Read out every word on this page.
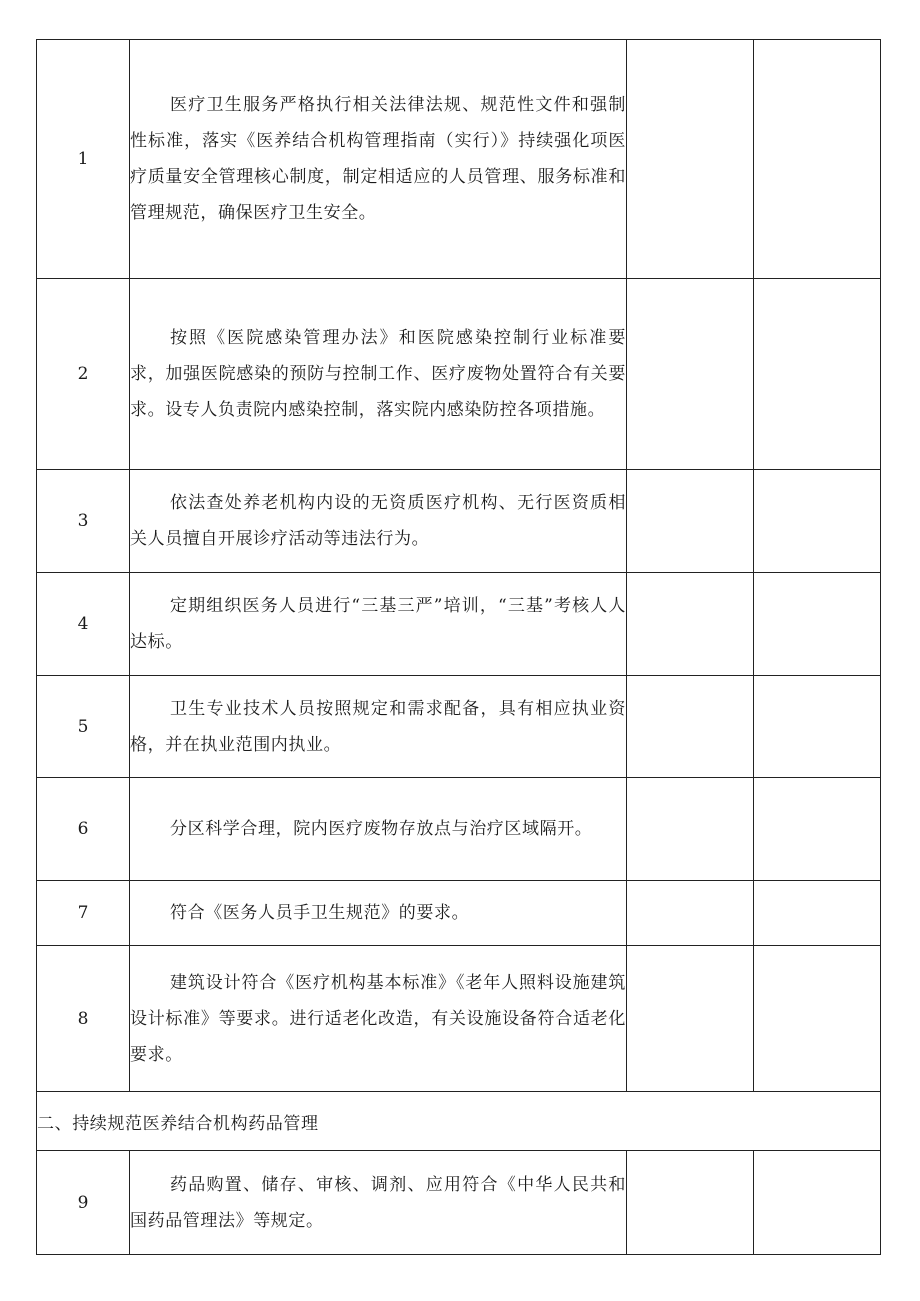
1	医疗卫生服务严格执行相关法律法规、规范性文件和强制性标准，落实《医养结合机构管理指南（实行）》持续强化项医疗质量安全管理核心制度，制定相适应的人员管理、服务标准和管理规范，确保医疗卫生安全。		

2	按照《医院感染管理办法》和医院感染控制行业标准要求，加强医院感染的预防与控制工作、医疗废物处置符合有关要求。设专人负责院内感染控制，落实院内感染防控各项措施。		

3	依法查处养老机构内设的无资质医疗机构、无行医资质相关人员擅自开展诊疗活动等违法行为。		

4	定期组织医务人员进行“三基三严”培训，“三基”考核人人达标。		

5	卫生专业技术人员按照规定和需求配备，具有相应执业资格，并在执业范围内执业。		

6	分区科学合理，院内医疗废物存放点与治疗区域隔开。		

7	符合《医务人员手卫生规范》的要求。		

8	建筑设计符合《医疗机构基本标准》《老年人照料设施建筑设计标准》等要求。进行适老化改造，有关设施设备符合适老化要求。		

二、持续规范医养结合机构药品管理			
9	药品购置、储存、审核、调剂、应用符合《中华人民共和国药品管理法》等规定。		
